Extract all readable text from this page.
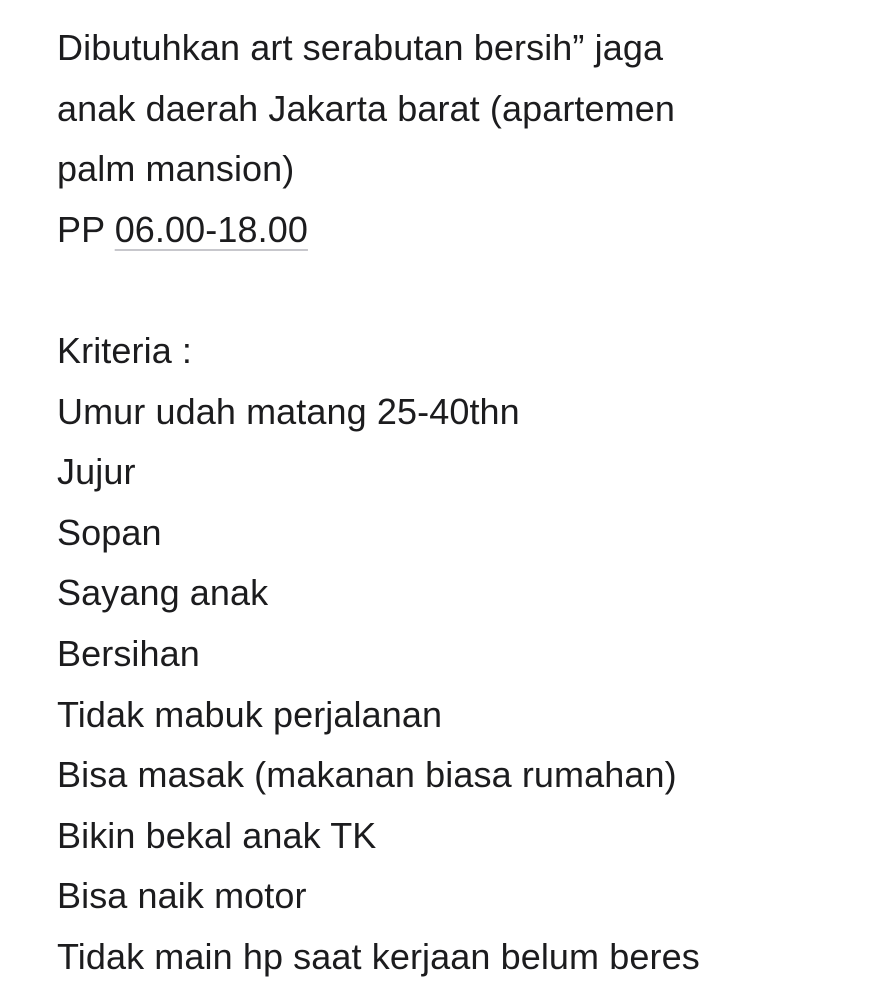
Dibutuhkan art serabutan bersih” jaga
anak daerah Jakarta barat (apartemen
palm mansion)
PP 06.00-18.00
Kriteria :
Umur udah matang 25-40thn
Jujur
Sopan
Sayang anak
Bersihan
Tidak mabuk perjalanan
Bisa masak (makanan biasa rumahan)
Bikin bekal anak TK
Bisa naik motor
Tidak main hp saat kerjaan belum beres
